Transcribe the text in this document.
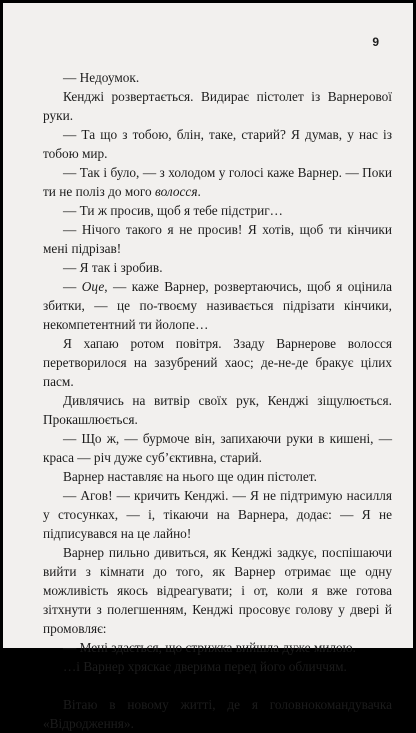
9

— Недоумок.

Кенджі розвертається. Видирає пістолет із Варнерової руки.

— Та що з тобою, блін, таке, старий? Я думав, у нас із тобою мир.

— Так і було, — з холодом у голосі каже Варнер. — Поки ти не поліз до мого волосся.

— Ти ж просив, щоб я тебе підстриг…

— Нічого такого я не просив! Я хотів, щоб ти кінчики мені підрізав!

— Я так і зробив.

— Оце, — каже Варнер, розвертаючись, щоб я оцінила збитки, — це по-твоєму називається підрізати кінчики, некомпетентний ти йолопе…

Я хапаю ротом повітря. Ззаду Варнерове волосся перетворилося на зазубрений хаос; де-не-де бракує цілих пасм.

Дивлячись на витвір своїх рук, Кенджі зіщулюється. Прокашлюється.

— Що ж, — бурмоче він, запихаючи руки в кишені, — краса — річ дуже суб’єктивна, старий.

Варнер наставляє на нього ще один пістолет.

— Агов! — кричить Кенджі. — Я не підтримую насилля у стосунках, — і, тікаючи на Варнера, додає: — Я не підписувався на це лайно!

Варнер пильно дивиться, як Кенджі задкує, поспішаючи вийти з кімнати до того, як Варнер отримає ще одну можливість якось відреагувати; і от, коли я вже готова зітхнути з полегшенням, Кенджі просовує голову у двері й промовляє:

— Мені здається, що стрижка вийшла дуже милою.

…і Варнер хряскає дверима перед його обличчям.

Вітаю в новому житті, де я головнокомандувачка «Відродження».
